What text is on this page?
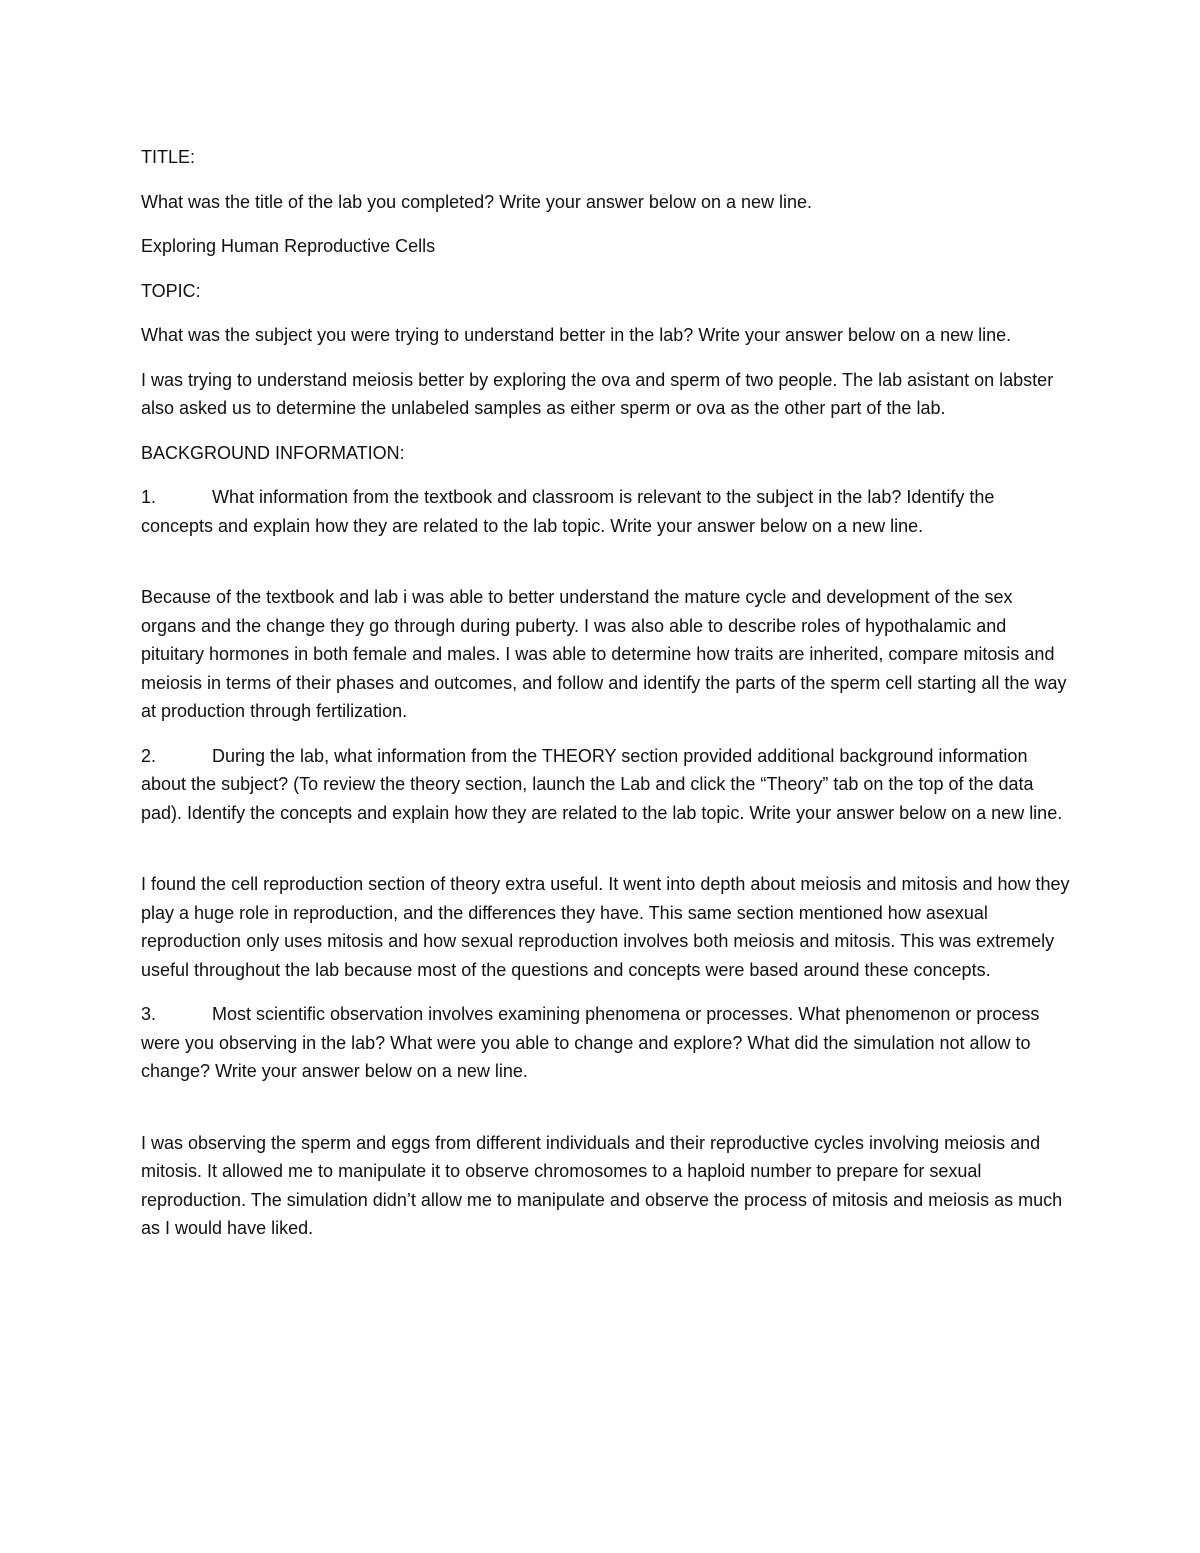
TITLE:

What was the title of the lab you completed? Write your answer below on a new line.

Exploring Human Reproductive Cells

TOPIC:

What was the subject you were trying to understand better in the lab? Write your answer below on a new line.

I was trying to understand meiosis better by exploring the ova and sperm of two people. The lab asistant on labster also asked us to determine the unlabeled samples as either sperm or ova as the other part of the lab.

BACKGROUND INFORMATION:

1.	What information from the textbook and classroom is relevant to the subject in the lab? Identify the concepts and explain how they are related to the lab topic. Write your answer below on a new line.

Because of the textbook and lab i was able to better understand the mature cycle and development of the sex organs and the change they go through during puberty. I was also able to describe roles of hypothalamic and pituitary hormones in both female and males. I was able to determine how traits are inherited, compare mitosis and meiosis in terms of their phases and outcomes, and follow and identify the parts of the sperm cell starting all the way at production through fertilization.

2.	During the lab, what information from the THEORY section provided additional background information about the subject? (To review the theory section, launch the Lab and click the “Theory” tab on the top of the data pad). Identify the concepts and explain how they are related to the lab topic. Write your answer below on a new line.

I found the cell reproduction section of theory extra useful. It went into depth about meiosis and mitosis and how they play a huge role in reproduction, and the differences they have. This same section mentioned how asexual reproduction only uses mitosis and how sexual reproduction involves both meiosis and mitosis. This was extremely useful throughout the lab because most of the questions and concepts were based around these concepts.

3.	Most scientific observation involves examining phenomena or processes. What phenomenon or process were you observing in the lab? What were you able to change and explore? What did the simulation not allow to change? Write your answer below on a new line.

I was observing the sperm and eggs from different individuals and their reproductive cycles involving meiosis and mitosis. It allowed me to manipulate it to observe chromosomes to a haploid number to prepare for sexual reproduction. The simulation didn’t allow me to manipulate and observe the process of mitosis and meiosis as much as I would have liked.
